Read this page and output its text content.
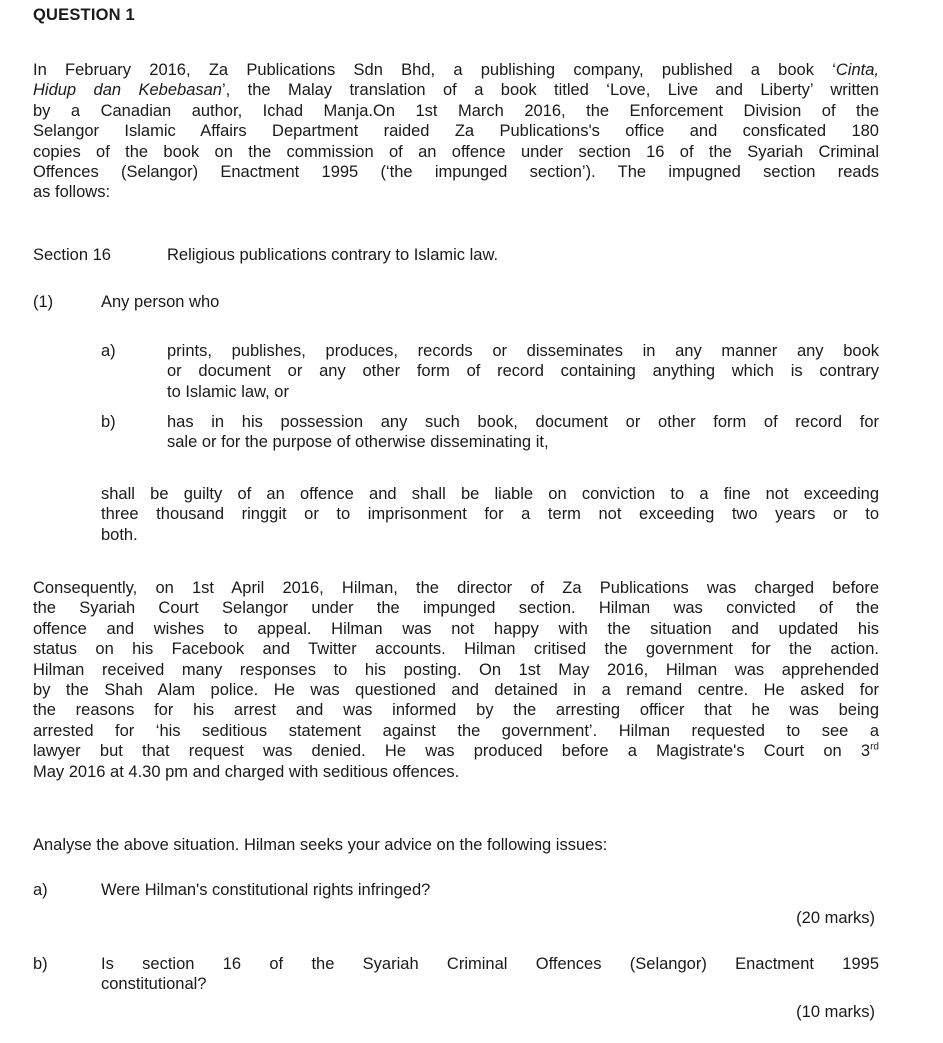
QUESTION 1
In February 2016, Za Publications Sdn Bhd, a publishing company, published a book ‘Cinta,
Hidup dan Kebebasan’, the Malay translation of a book titled ‘Love, Live and Liberty’ written
by a Canadian author, Ichad Manja.On 1st March 2016, the Enforcement Division of the
Selangor Islamic Affairs Department raided Za Publications's office and consficated 180
copies of the book on the commission of an offence under section 16 of the Syariah Criminal
Offences (Selangor) Enactment 1995 (‘the impunged section’). The impugned section reads
as follows:
Section 16	Religious publications contrary to Islamic law.
(1)	Any person who
a)	prints, publishes, produces, records or disseminates in any manner any book
or document or any other form of record containing anything which is contrary
to Islamic law, or
b)	has in his possession any such book, document or other form of record for
sale or for the purpose of otherwise disseminating it,
shall be guilty of an offence and shall be liable on conviction to a fine not exceeding
three thousand ringgit or to imprisonment for a term not exceeding two years or to
both.
Consequently, on 1st April 2016, Hilman, the director of Za Publications was charged before
the Syariah Court Selangor under the impunged section. Hilman was convicted of the
offence and wishes to appeal. Hilman was not happy with the situation and updated his
status on his Facebook and Twitter accounts. Hilman critised the government for the action.
Hilman received many responses to his posting. On 1st May 2016, Hilman was apprehended
by the Shah Alam police. He was questioned and detained in a remand centre. He asked for
the reasons for his arrest and was informed by the arresting officer that he was being
arrested for ‘his seditious statement against the government’. Hilman requested to see a
lawyer but that request was denied. He was produced before a Magistrate's Court on 3rd
May 2016 at 4.30 pm and charged with seditious offences.
Analyse the above situation. Hilman seeks your advice on the following issues:
a)	Were Hilman's constitutional rights infringed?
(20 marks)
b)	Is section 16 of the Syariah Criminal Offences (Selangor) Enactment 1995
constitutional?
(10 marks)
